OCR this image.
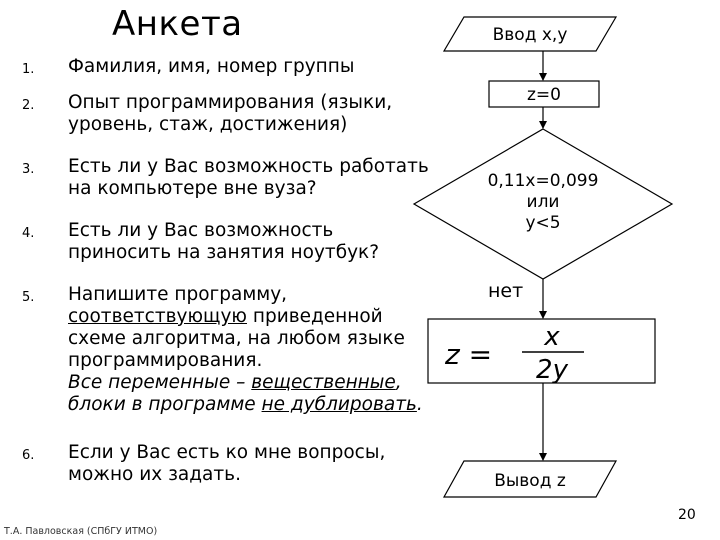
Анкета
1. Фамилия, имя, номер группы
2. Опыт программирования (языки,
уровень, стаж, достижения)
3. Есть ли у Вас возможность работать
на компьютере вне вуза?
4. Есть ли у Вас возможность
приносить на занятия ноутбук?
5. Напишите программу,
соответствующую приведенной
схеме алгоритма, на любом языке
программирования.
Все переменные – вещественные,
блоки в программе не дублировать.
6. Если у Вас есть ко мне вопросы,
можно их задать.
Ввод x,y
z=0
0,11x=0,099
или
y<5
нет
z =
x
2y
Вывод z
Т.А. Павловская (СПбГУ ИТМО)
20
